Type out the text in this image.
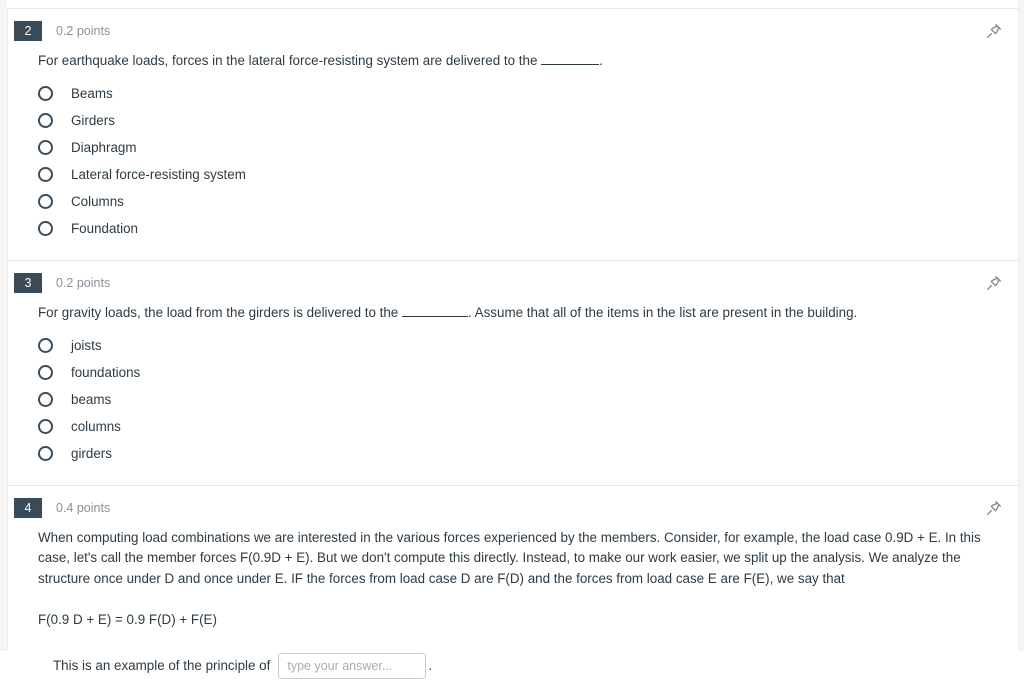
2	0.2 points
For earthquake loads, forces in the lateral force-resisting system are delivered to the	.
Beams
Girders
Diaphragm
Lateral force-resisting system
Columns
Foundation
3	0.2 points
For gravity loads, the load from the girders is delivered to the	. Assume that all of the items in the list are present in the building.
joists
foundations
beams
columns
girders
4	0.4 points
When computing load combinations we are interested in the various forces experienced by the members. Consider, for example, the load case 0.9D + E. In this case, let's call the member forces F(0.9D + E). But we don't compute this directly. Instead, to make our work easier, we split up the analysis. We analyze the structure once under D and once under E. IF the forces from load case D are F(D) and the forces from load case E are F(E), we say that
F(0.9 D + E) = 0.9 F(D) + F(E)
This is an example of the principle of
type your answer...	.
